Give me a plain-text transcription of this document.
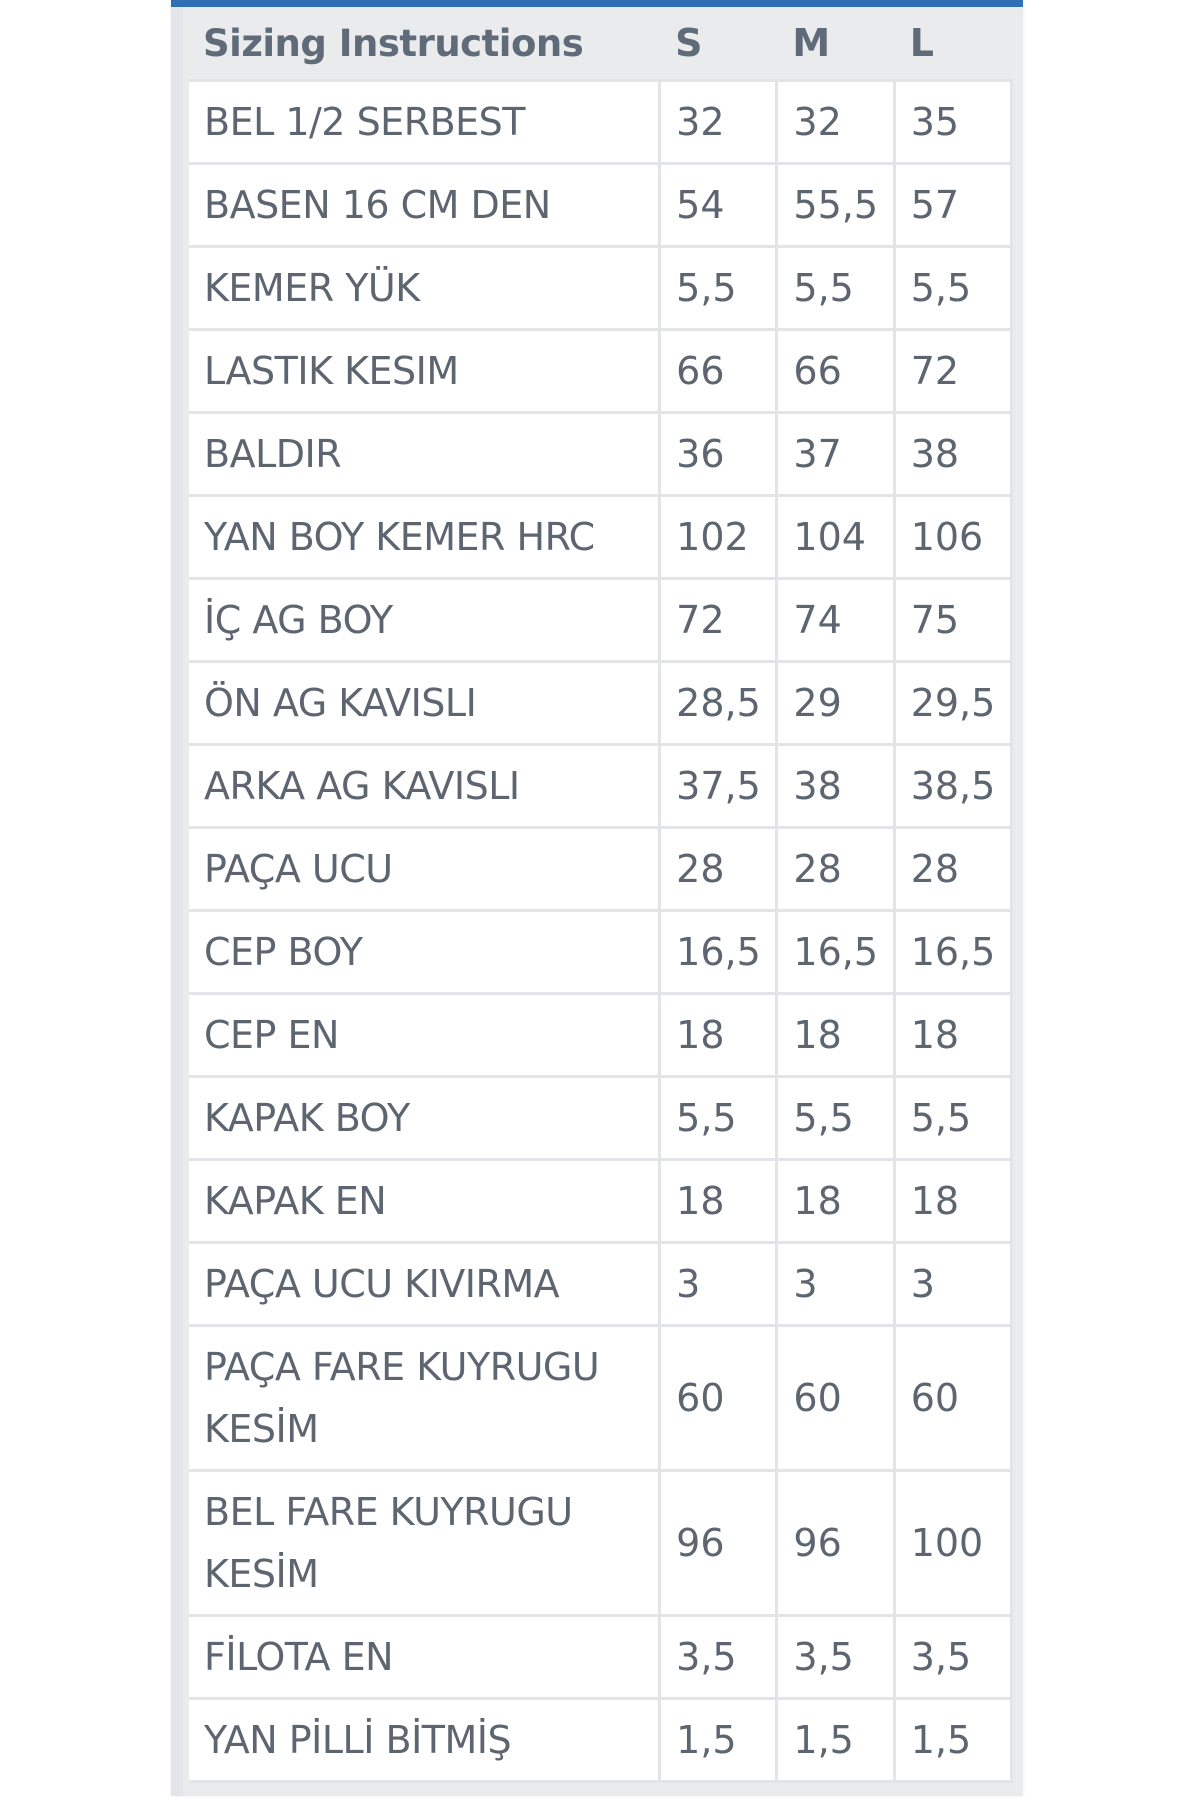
Sizing Instructions	S	M	L
BEL 1/2 SERBEST	32	32	35
BASEN 16 CM DEN	54	55,5	57
KEMER YÜK	5,5	5,5	5,5
LASTIK KESIM	66	66	72
BALDIR	36	37	38
YAN BOY KEMER HRC	102	104	106
İÇ AG BOY	72	74	75
ÖN AG KAVISLI	28,5	29	29,5
ARKA AG KAVISLI	37,5	38	38,5
PAÇA UCU	28	28	28
CEP BOY	16,5	16,5	16,5
CEP EN	18	18	18
KAPAK BOY	5,5	5,5	5,5
KAPAK EN	18	18	18
PAÇA UCU KIVIRMA	3	3	3
PAÇA FARE KUYRUGU KESİM	60	60	60
BEL FARE KUYRUGU KESİM	96	96	100
FİLOTA EN	3,5	3,5	3,5
YAN PİLLİ BİTMİŞ	1,5	1,5	1,5
